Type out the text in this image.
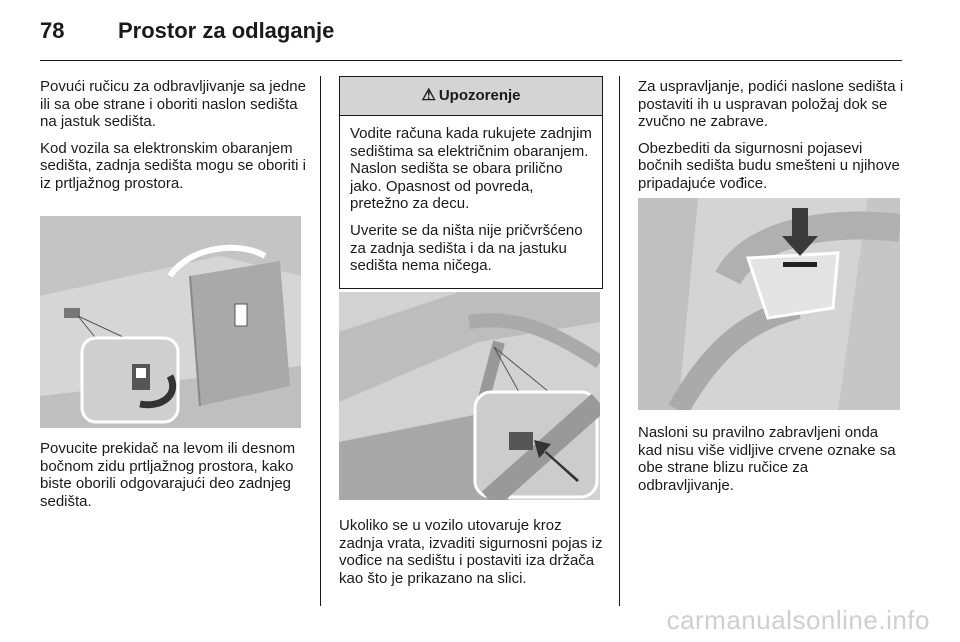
78	Prostor za odlaganje

Povući ručicu za odbravljivanje sa jedne ili sa obe strane i oboriti naslon sedišta na jastuk sedišta.

Kod vozila sa elektronskim obaranjem sedišta, zadnja sedišta mogu se oboriti i iz prtljažnog prostora.

Povucite prekidač na levom ili desnom bočnom zidu prtljažnog prostora, kako biste oborili odgovarajući deo zadnjeg sedišta.

⚠ Upozorenje

Vodite računa kada rukujete zadnjim sedištima sa električnim obaranjem. Naslon sedišta se obara prilično jako. Opasnost od povreda, pretežno za decu.

Uverite se da ništa nije pričvršćeno za zadnja sedišta i da na jastuku sedišta nema ničega.

Ukoliko se u vozilo utovaruje kroz zadnja vrata, izvaditi sigurnosni pojas iz vođice na sedištu i postaviti iza držača kao što je prikazano na slici.

Za uspravljanje, podići naslone sedišta i postaviti ih u uspravan položaj dok se zvučno ne zabrave.

Obezbediti da sigurnosni pojasevi bočnih sedišta budu smešteni u njihove pripadajuće vođice.

Nasloni su pravilno zabravljeni onda kad nisu više vidljive crvene oznake sa obe strane blizu ručice za odbravljivanje.

carmanualsonline.info
